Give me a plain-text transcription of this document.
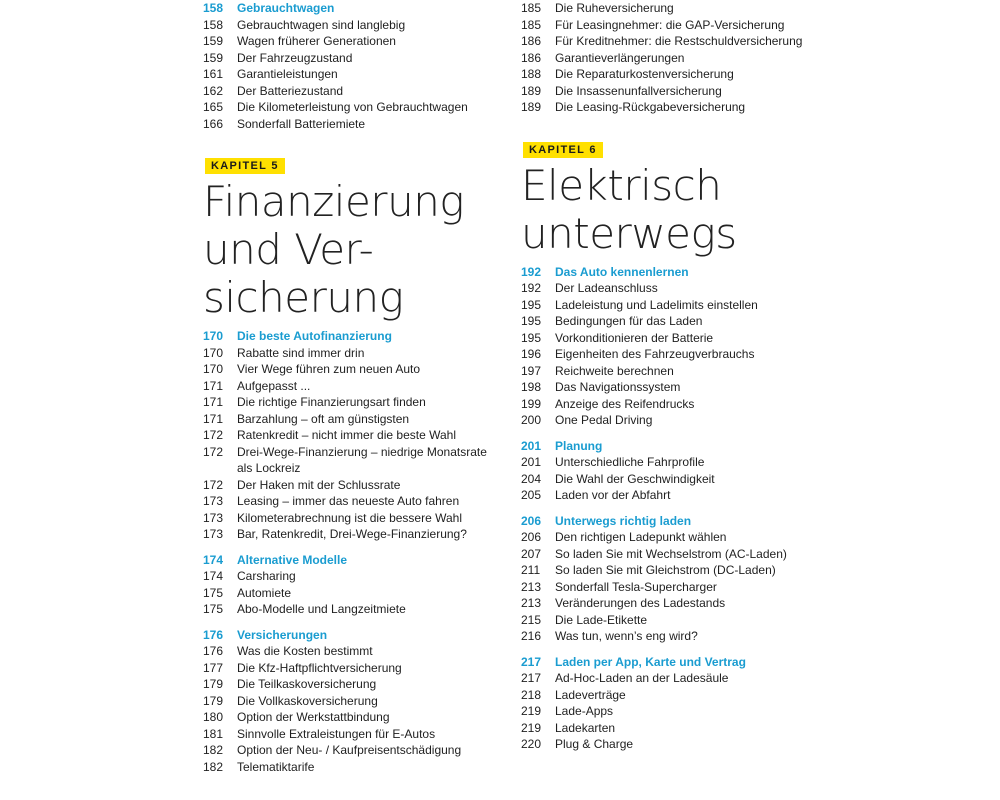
158	Gebrauchtwagen
158	Gebrauchtwagen sind langlebig
159	Wagen früherer Generationen
159	Der Fahrzeugzustand
161	Garantieleistungen
162	Der Batteriezustand
165	Die Kilometerleistung von Gebrauchtwagen
166	Sonderfall Batteriemiete
KAPITEL 5
Finanzierung
und Ver-
sicherung
170	Die beste Autofinanzierung
170	Rabatte sind immer drin
170	Vier Wege führen zum neuen Auto
171	Aufgepasst ...
171	Die richtige Finanzierungsart finden
171	Barzahlung – oft am günstigsten
172	Ratenkredit – nicht immer die beste Wahl
172	Drei-Wege-Finanzierung – niedrige Monatsrate
als Lockreiz
172	Der Haken mit der Schlussrate
173	Leasing – immer das neueste Auto fahren
173	Kilometerabrechnung ist die bessere Wahl
173	Bar, Ratenkredit, Drei-Wege-Finanzierung?
174	Alternative Modelle
174	Carsharing
175	Automiete
175	Abo-Modelle und Langzeitmiete
176	Versicherungen
176	Was die Kosten bestimmt
177	Die Kfz-Haftpflichtversicherung
179	Die Teilkaskoversicherung
179	Die Vollkaskoversicherung
180	Option der Werkstattbindung
181	Sinnvolle Extraleistungen für E-Autos
182	Option der Neu- / Kaufpreisentschädigung
182	Telematiktarife
185	Die Ruheversicherung
185	Für Leasingnehmer: die GAP-Versicherung
186	Für Kreditnehmer: die Restschuldversicherung
186	Garantieverlängerungen
188	Die Reparaturkostenversicherung
189	Die Insassenunfallversicherung
189	Die Leasing-Rückgabeversicherung
KAPITEL 6
Elektrisch
unterwegs
192	Das Auto kennenlernen
192	Der Ladeanschluss
195	Ladeleistung und Ladelimits einstellen
195	Bedingungen für das Laden
195	Vorkonditionieren der Batterie
196	Eigenheiten des Fahrzeugverbrauchs
197	Reichweite berechnen
198	Das Navigationssystem
199	Anzeige des Reifendrucks
200	One Pedal Driving
201	Planung
201	Unterschiedliche Fahrprofile
204	Die Wahl der Geschwindigkeit
205	Laden vor der Abfahrt
206	Unterwegs richtig laden
206	Den richtigen Ladepunkt wählen
207	So laden Sie mit Wechselstrom (AC-Laden)
211	So laden Sie mit Gleichstrom (DC-Laden)
213	Sonderfall Tesla-Supercharger
213	Veränderungen des Ladestands
215	Die Lade-Etikette
216	Was tun, wenn’s eng wird?
217	Laden per App, Karte und Vertrag
217	Ad-Hoc-Laden an der Ladesäule
218	Ladeverträge
219	Lade-Apps
219	Ladekarten
220	Plug & Charge
